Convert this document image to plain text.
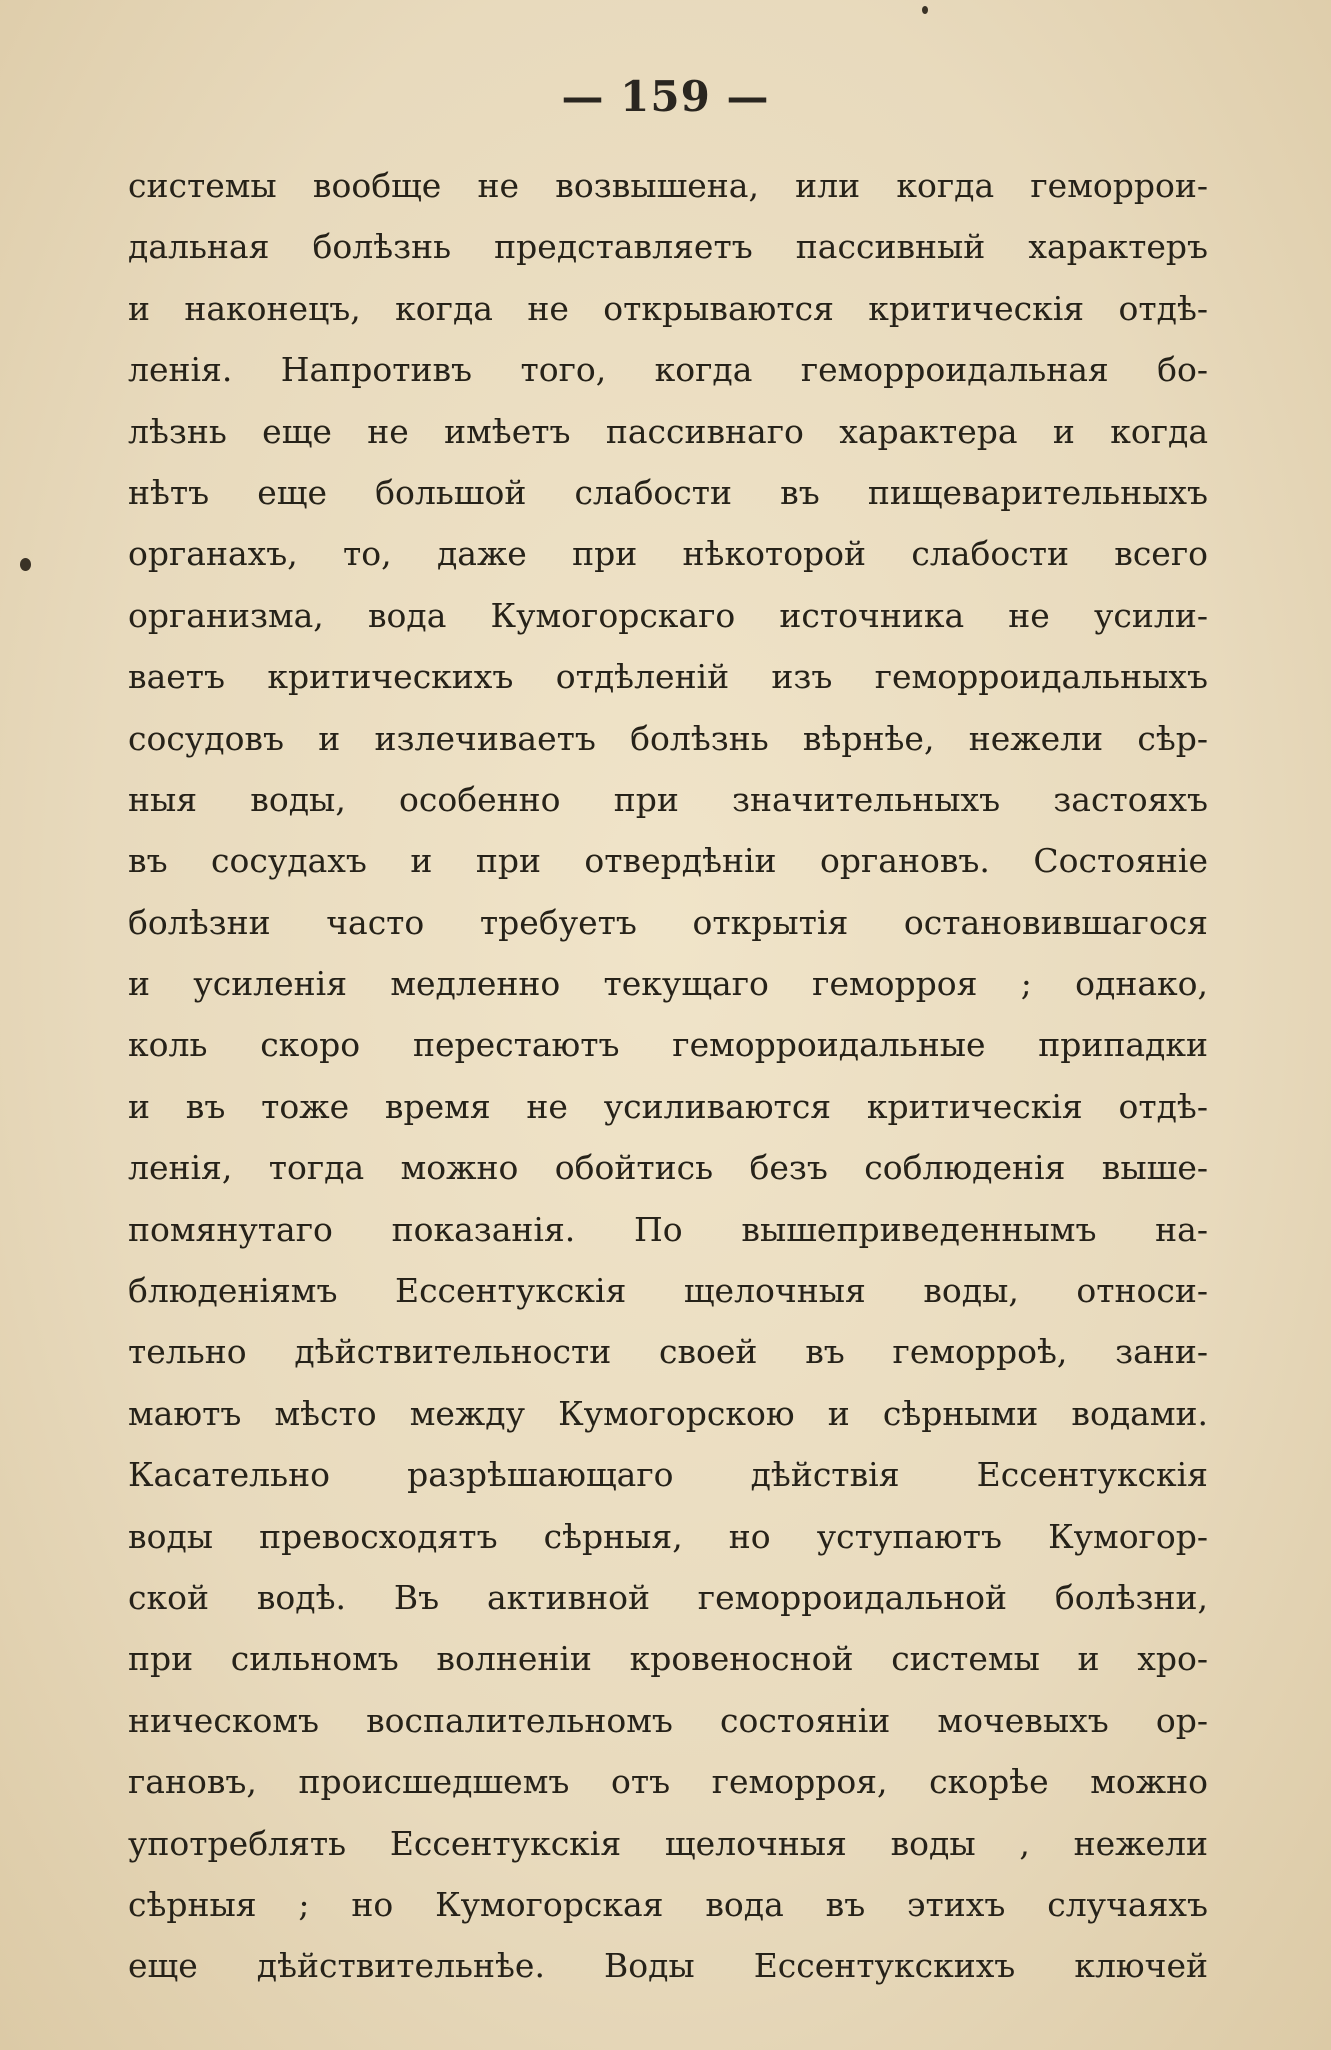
— 159 —
системы вообще не возвышена, или когда геморрои-
дальная болѣзнь представляетъ пассивный характеръ
и наконецъ, когда не открываются критическія отдѣ-
ленія. Напротивъ того, когда геморроидальная бо-
лѣзнь еще не имѣетъ пассивнаго характера и когда
нѣтъ еще большой слабости въ пищеварительныхъ
органахъ, то, даже при нѣкоторой слабости всего
организма, вода Кумогорскаго источника не усили-
ваетъ критическихъ отдѣленій изъ геморроидальныхъ
сосудовъ и излечиваетъ болѣзнь вѣрнѣе, нежели сѣр-
ныя воды, особенно при значительныхъ застояхъ
въ сосудахъ и при отвердѣніи органовъ. Состояніе
болѣзни часто требуетъ открытія остановившагося
и усиленія медленно текущаго геморроя ; однако,
коль скоро перестаютъ геморроидальные припадки
и въ тоже время не усиливаются критическія отдѣ-
ленія, тогда можно обойтись безъ соблюденія выше-
помянутаго показанія. По вышеприведеннымъ на-
блюденіямъ Ессентукскія щелочныя воды, относи-
тельно дѣйствительности своей въ геморроѣ, зани-
маютъ мѣсто между Кумогорскою и сѣрными водами.
Касательно разрѣшающаго дѣйствія Ессентукскія
воды превосходятъ сѣрныя, но уступаютъ Кумогор-
ской водѣ. Въ активной геморроидальной болѣзни,
при сильномъ волненіи кровеносной системы и хро-
ническомъ воспалительномъ состояніи мочевыхъ ор-
гановъ, происшедшемъ отъ геморроя, скорѣе можно
употреблять Ессентукскія щелочныя воды , нежели
сѣрныя ; но Кумогорская вода въ этихъ случаяхъ
еще дѣйствительнѣе. Воды Ессентукскихъ ключей
